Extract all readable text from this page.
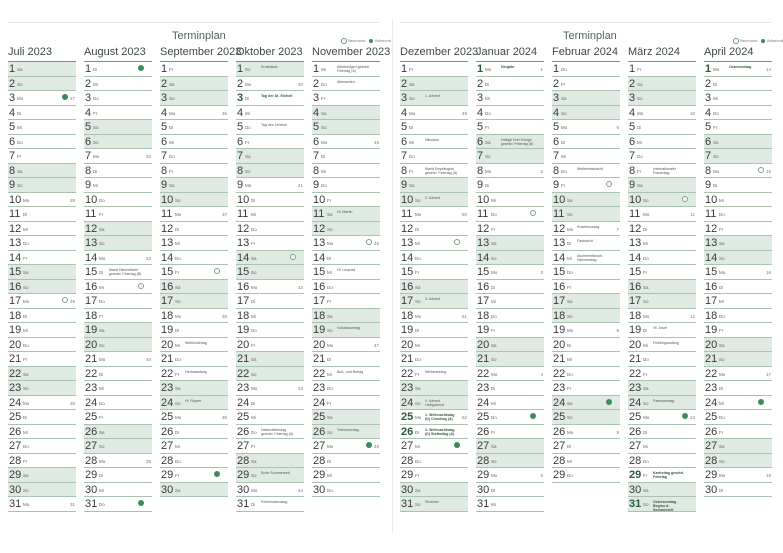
Terminplan	Terminplan
Neumond Vollmond	Neumond Vollmond
Juli 2023
1 Sa
2 So
3 Mo	27
4 Di
5 Mi
6 Do
7 Fr
8 Sa
9 So
10 Mo	28
11 Di
12 Mi
13 Do
14 Fr
15 Sa
16 So
17 Mo	29
18 Di
19 Mi
20 Do
21 Fr
22 Sa
23 So
24 Mo	30
25 Di
26 Mi
27 Do
28 Fr
29 Sa
30 So
31 Mo	31
August 2023
1 Di
2 Mi
3 Do
4 Fr
5 Sa
6 So
7 Mo	32
8 Di
9 Mi
10 Do
11 Fr
12 Sa
13 So
14 Mo	33
15 Di Mariä Himmelfahrt gesetzl. Feiertag (B)
16 Mi
17 Do
18 Fr
19 Sa
20 So
21 Mo	34
22 Di
23 Mi
24 Do
25 Fr
26 Sa
27 So
28 Mo	35
29 Di
30 Mi
31 Do
September 2023
1 Fr
2 Sa
3 So
4 Mo	36
5 Di
6 Mi
7 Do
8 Fr
9 Sa
10 So
11 Mo	37
12 Di
13 Mi
14 Do
15 Fr
16 Sa
17 So
18 Mo	38
19 Di
20 Mi Weltkindertag
21 Do
22 Fr Herbstanfang
23 Sa
24 So Hl. Rupert
25 Mo	39
26 Di
27 Mi
28 Do
29 Fr
30 Sa
Oktober 2023
1 So	Erntedank
2 Mo	40
3 Di	Tag der Dt. Einheit
4 Mi
5 Do	Tag des Lehrers
6 Fr
7 Sa
8 So
9 Mo	41
10 Di
11 Mi
12 Do
13 Fr
14 Sa
15 So
16 Mo	42
17 Di
18 Mi
19 Do
20 Fr
21 Sa
22 So
23 Mo	43
24 Di
25 Mi
26 Do Nationalfeiertag gesetzl. Feiertag (A)
27 Fr
28 Sa
29 So Ende Sommerzeit
30 Mo	44
31 Di Reformationstag
November 2023
1 Mi	Allerheiligen gesetzl. Feiertag (A)
2 Do	Allerseelen
3 Fr
4 Sa
5 So
6 Mo	45
7 Di
8 Mi
9 Do
10 Fr
11 Sa Hl. Martin
12 So
13 Mo	46
14 Di
15 Mi Hl. Leopold
16 Do
17 Fr
18 Sa
19 So Volkstrauertag
20 Mo	47
21 Di
22 Mi Buß- und Bettag
23 Do
24 Fr
25 Sa
26 So Totensonntag
27 Mo	48
28 Di
29 Mi
30 Do
Dezember 2023
1 Fr
2 Sa
3 So	1. Advent
4 Mo	49
5 Di
6 Mi	Nikolaus
7 Do
8 Fr	Mariä Empfängnis gesetzl. Feiertag (A)
9 Sa
10 So 2. Advent
11 Mo	50
12 Di
13 Mi
14 Do
15 Fr
16 Sa
17 So 3. Advent
18 Mo	51
19 Di
20 Mi
21 Do
22 Fr Winteranfang
23 Sa
24 So 4. Advent Heiligabend
25 Mo 1. Weihnachtstag (D) Christtag (A)	52
26 Di 2. Weihnachtstag (D) Stefanitag (A)
27 Mi
28 Do
29 Fr
30 Sa
31 So Silvester
Januar 2024
1 Mo	Neujahr	1
2 Di
3 Mi
4 Do
5 Fr
6 Sa	Heilige Drei Könige gesetzl. Feiertag (A)
7 So
8 Mo	2
9 Di
10 Mi
11 Do
12 Fr
13 Sa
14 So
15 Mo	3
16 Di
17 Mi
18 Do
19 Fr
20 Sa
21 So
22 Mo	4
23 Di
24 Mi
25 Do
26 Fr
27 Sa
28 So
29 Mo	5
30 Di
31 Mi
Februar 2024
1 Do
2 Fr
3 Sa
4 So
5 Mo	6
6 Di
7 Mi
8 Do	Weiberfastnacht
9 Fr
10 Sa
11 So
12 Mo Rosenmontag	7
13 Di Fastnacht
14 Mi Aschermittwoch Valentinstag
15 Do
16 Fr
17 Sa
18 So
19 Mo	8
20 Di
21 Mi
22 Do
23 Fr
24 Sa
25 So
26 Mo	9
27 Di
28 Mi
29 Do
März 2024
1 Fr
2 Sa
3 So
4 Mo	10
5 Di
6 Mi
7 Do
8 Fr	Internationaler Frauentag
9 Sa
10 So
11 Mo	11
12 Di
13 Mi
14 Do
15 Fr
16 Sa
17 So
18 Mo	12
19 Di Hl. Josef
20 Mi Frühlingsanfang
21 Do
22 Fr
23 Sa
24 So Palmsonntag
25 Mo	13
26 Di
27 Mi
28 Do
29 Fr Karfreitag gesetzl. Feiertag
30 Sa
31 So Ostersonntag Beginn d. Sommerzeit
April 2024
1 Mo	Ostermontag	14
2 Di
3 Mi
4 Do
5 Fr
6 Sa
7 So
8 Mo	15
9 Di
10 Mi
11 Do
12 Fr
13 Sa
14 So
15 Mo	16
16 Di
17 Mi
18 Do
19 Fr
20 Sa
21 So
22 Mo	17
23 Di
24 Mi
25 Do
26 Fr
27 Sa
28 So
29 Mo	18
30 Di
